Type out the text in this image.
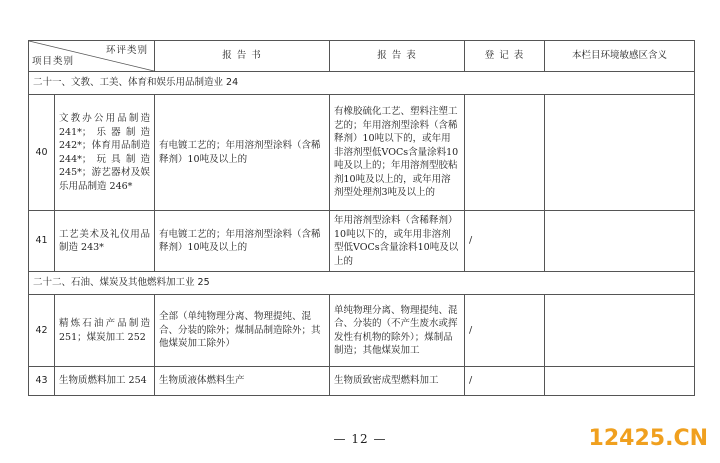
环评类别
项目类别		报 告 书	报 告 表	登 记 表	本栏目环境敏感区含义
二十一、文教、工美、体育和娱乐用品制造业 24					
40	文教办公用品制造241*；乐器制造242*；体育用品制造244*；玩具制造245*；游艺器材及娱乐用品制造 246*	有电镀工艺的；年用溶剂型涂料（含稀释剂）10吨及以上的	有橡胶硫化工艺、塑料注塑工艺的；年用溶剂型涂料（含稀释剂）10吨以下的，或年用非溶剂型低VOCs含量涂料10吨及以上的；年用溶剂型胶粘剂10吨及以上的，或年用溶剂型处理剂3吨及以上的		
41	工艺美术及礼仪用品制造 243*	有电镀工艺的；年用溶剂型涂料（含稀释剂）10吨及以上的	年用溶剂型涂料（含稀释剂）10吨以下的，或年用非溶剂型低VOCs含量涂料10吨及以上的	/	
二十二、石油、煤炭及其他燃料加工业 25					
42	精炼石油产品制造251；煤炭加工 252	全部（单纯物理分离、物理提纯、混合、分装的除外；煤制品制造除外；其他煤炭加工除外）	单纯物理分离、物理提纯、混合、分装的（不产生废水或挥发性有机物的除外）；煤制品制造；其他煤炭加工	/	
43	生物质燃料加工 254	生物质液体燃料生产	生物质致密成型燃料加工	/	
— 12 —	12425.CN
